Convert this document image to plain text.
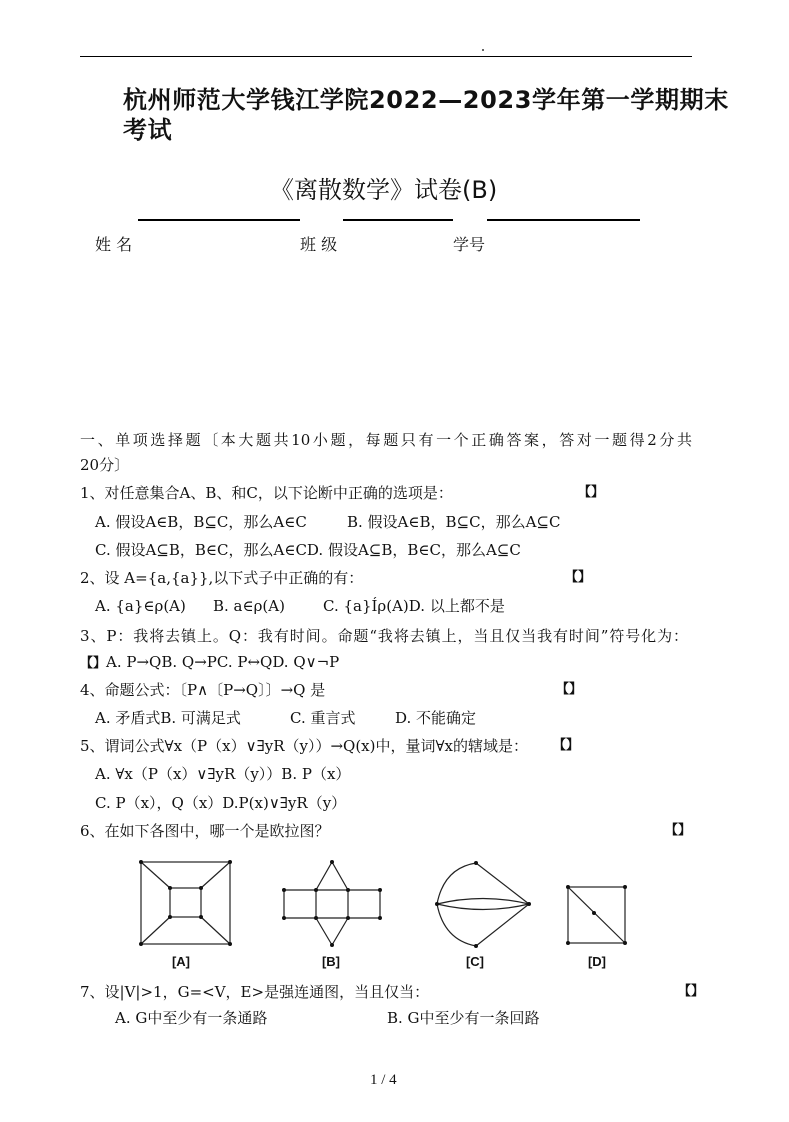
杭州师范大学钱江学院2022—2023学年第一学期期末
考试
《离散数学》试卷(B)
姓 名	班 级	学号
一、单项选择题〔本大题共10小题，每题只有一个正确答案，答对一题得2分共
20分〕
1、对任意集合A、B、和C，以下论断中正确的选项是：	【】
A. 假设A∈B，B⊆C，那么A∈C	B. 假设A∈B，B⊆C，那么A⊆C
C. 假设A⊆B，B∈C，那么A∈CD. 假设A⊆B，B∈C，那么A⊆C
2、设 A={a,{a}},以下式子中正确的有：	【】
A. {a}∈ρ(A) B. a∈ρ(A)	C. {a}Íρ(A)D. 以上都不是
3、P：我将去镇上。Q：我有时间。命题“我将去镇上，当且仅当我有时间”符号化为：
【】A. P→QB. Q→PC. P↔QD. Q∨¬P
4、命题公式：〔P∧〔P→Q〕〕→Q 是	【】
A. 矛盾式B. 可满足式	C. 重言式	D. 不能确定
5、谓词公式∀x（P（x）∨∃yR（y））→Q(x)中，量词∀x的辖域是： 【】
A. ∀x（P（x）∨∃yR（y））B. P（x）
C. P（x），Q（x）D.P(x)∨∃yR（y）
6、在如下各图中，哪一个是欧拉图？	【】
[A]	[B]	[C]	[D]
7、设|V|>1，G=<V，E>是强连通图，当且仅当：	【】
A. G中至少有一条通路	B. G中至少有一条回路
1 / 4
